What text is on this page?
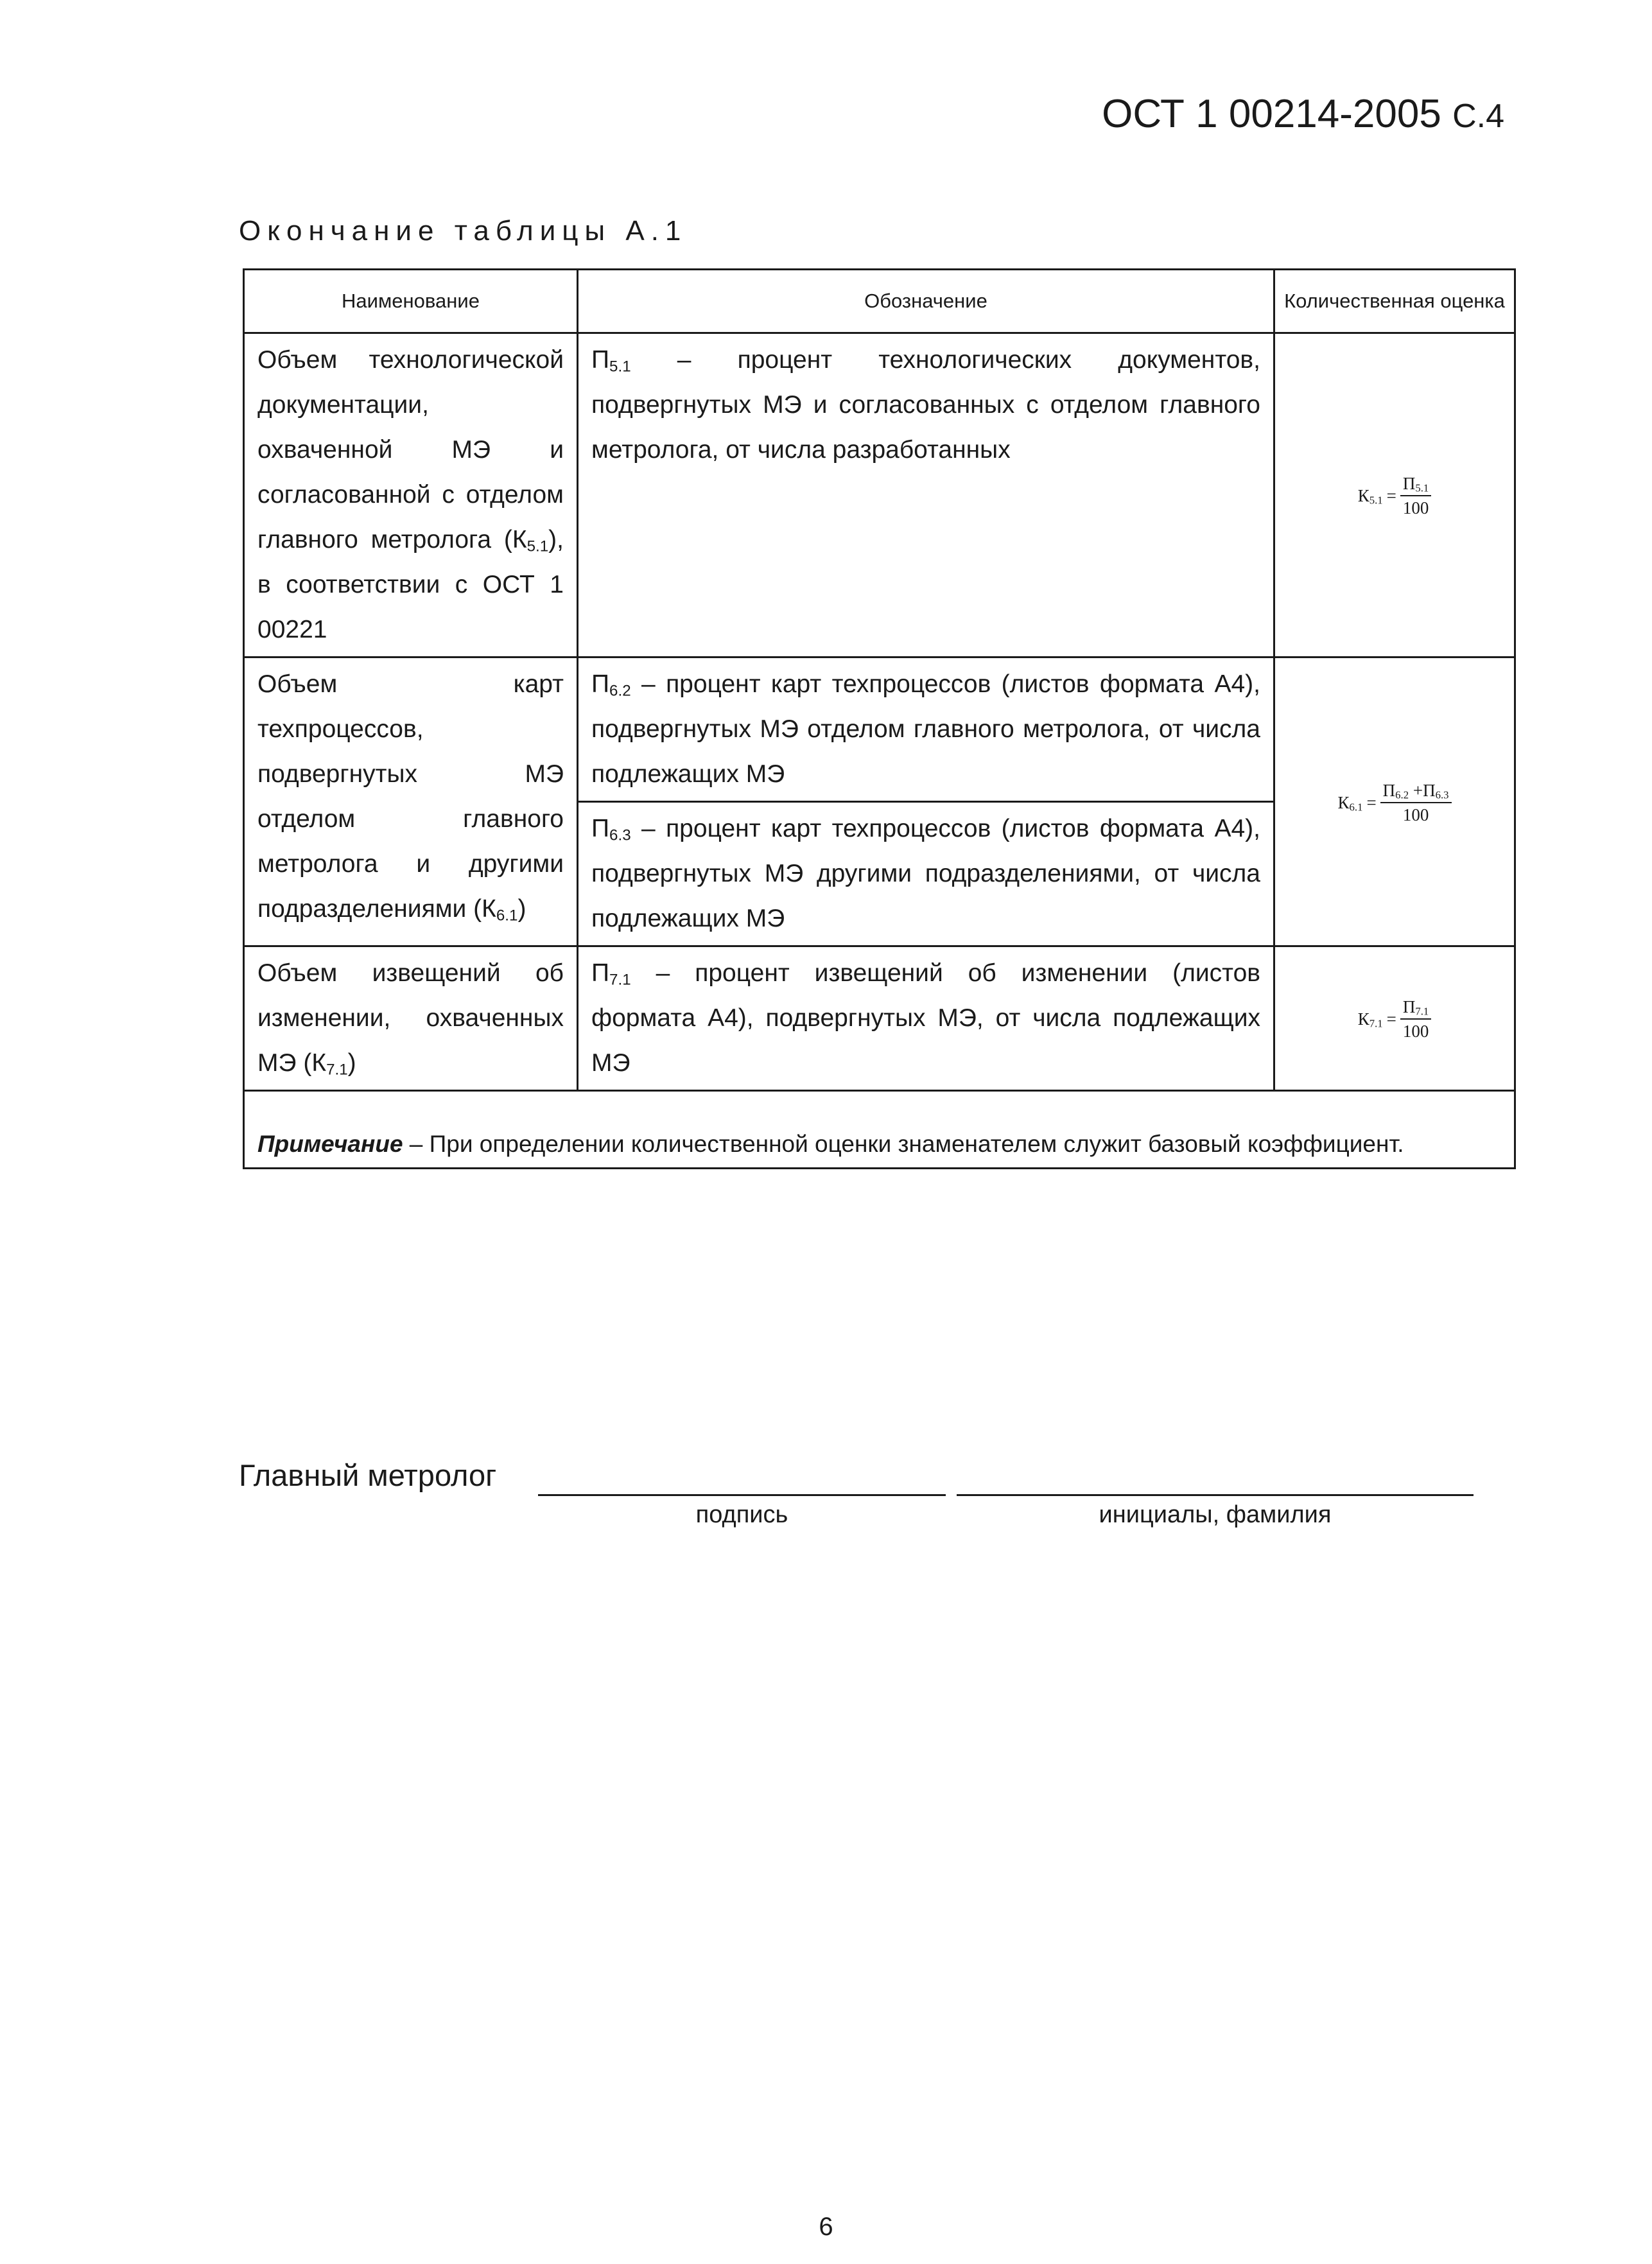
ОСТ 1 00214-2005 С.4
Окончание таблицы А.1
Наименование	Обозначение	Количественная оценка
Объем технологической документации, охваченной МЭ и согласованной с отделом главного метролога $(К_{5.1})$, в соответствии с ОСТ 1 00221	$П_{5.1}$ – процент технологических документов, подвергнутых МЭ и согласованных с отделом главного метролога, от числа разработанных	$К_{5.1} = \frac{П_{5.1}}{100}$

Объем карт техпроцессов, подвергнутых МЭ отделом главного метролога и другими подразделениями $(К_{6.1})$	$П_{6.2}$ – процент карт техпроцессов (листов формата А4), подвергнутых МЭ отделом главного метролога, от числа подлежащих МЭ	$К_{6.1} = \frac{П_{6.2} +П_{6.3}}{100}$

	$П_{6.3}$ – процент карт техпроцессов (листов формата А4), подвергнутых МЭ другими подразделениями, от числа подлежащих МЭ	
Объем извещений об изменении, охваченных МЭ $(К_{7.1})$	$П_{7.1}$ – процент извещений об изменении (листов формата А4), подвергнутых МЭ, от числа подлежащих МЭ	$К_{7.1} = \frac{П_{7.1}}{100}$

Примечание – При определении количественной оценки знаменателем служит базовый коэффициент.		
Главный метролог
подпись	инициалы, фамилия
6
